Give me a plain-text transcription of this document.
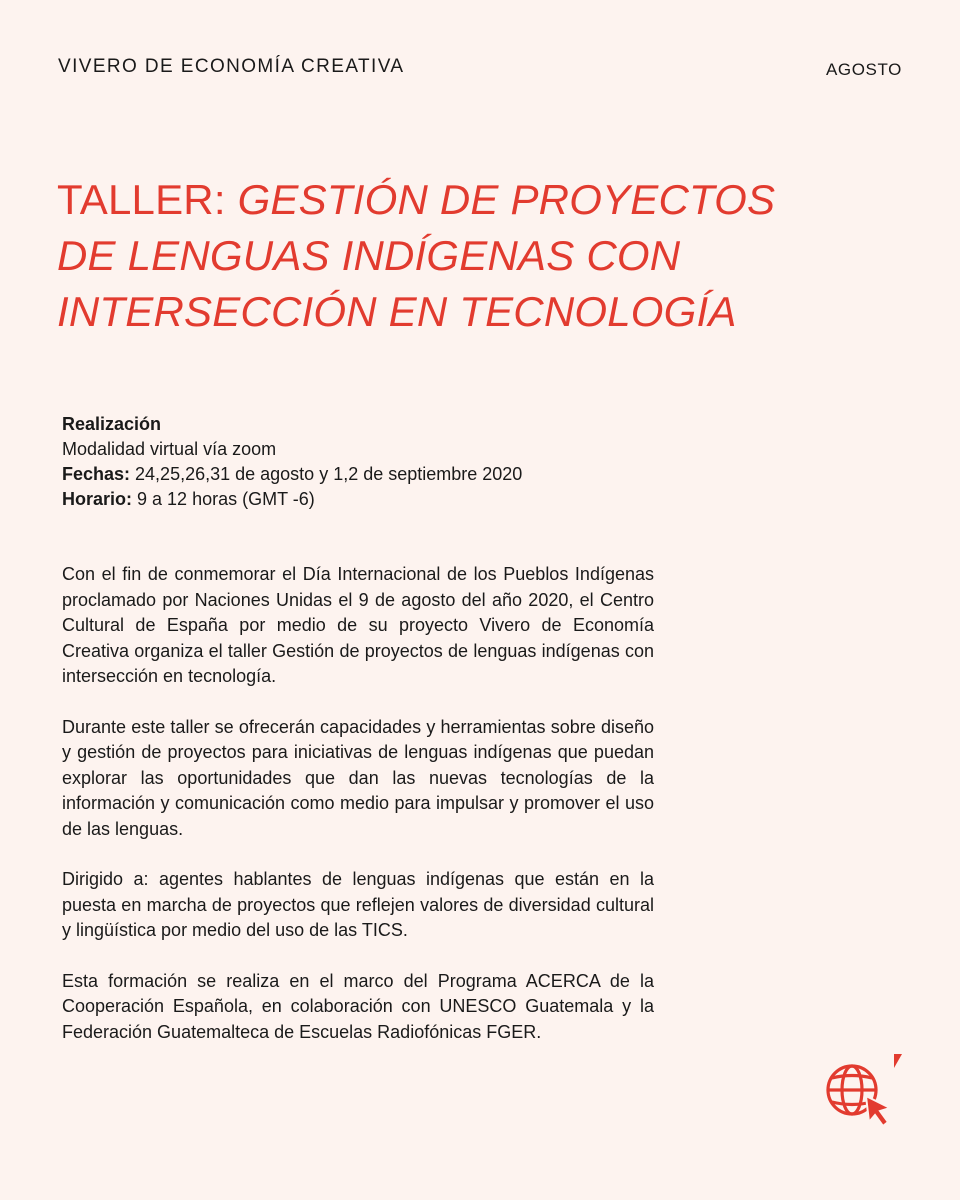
VIVERO DE ECONOMÍA CREATIVA	AGOSTO
TALLER: GESTIÓN DE PROYECTOS
DE LENGUAS INDÍGENAS CON
INTERSECCIÓN EN TECNOLOGÍA
Realización
Modalidad virtual vía zoom
Fechas: 24,25,26,31 de agosto y 1,2 de septiembre 2020
Horario: 9 a 12 horas (GMT -6)

Con el fin de conmemorar el Día Internacional de los Pueblos Indígenas proclamado por Naciones Unidas el 9 de agosto del año 2020, el Centro Cultural de España por medio de su proyecto Vivero de Economía Creativa organiza el taller Gestión de proyectos de lenguas indígenas con intersección en tecnología.

Durante este taller se ofrecerán capacidades y herramientas sobre diseño y gestión de proyectos para iniciativas de lenguas indígenas que puedan explorar las oportunidades que dan las nuevas tecnologías de la información y comunicación como medio para impulsar y promover el uso de las lenguas.

Dirigido a: agentes hablantes de lenguas indígenas que están en la puesta en marcha de proyectos que reflejen valores de diversidad cultural y lingüística por medio del uso de las TICS.

Esta formación se realiza en el marco del Programa ACERCA de la Cooperación Española, en colaboración con UNESCO Guatemala y la Federación Guatemalteca de Escuelas Radiofónicas FGER.
